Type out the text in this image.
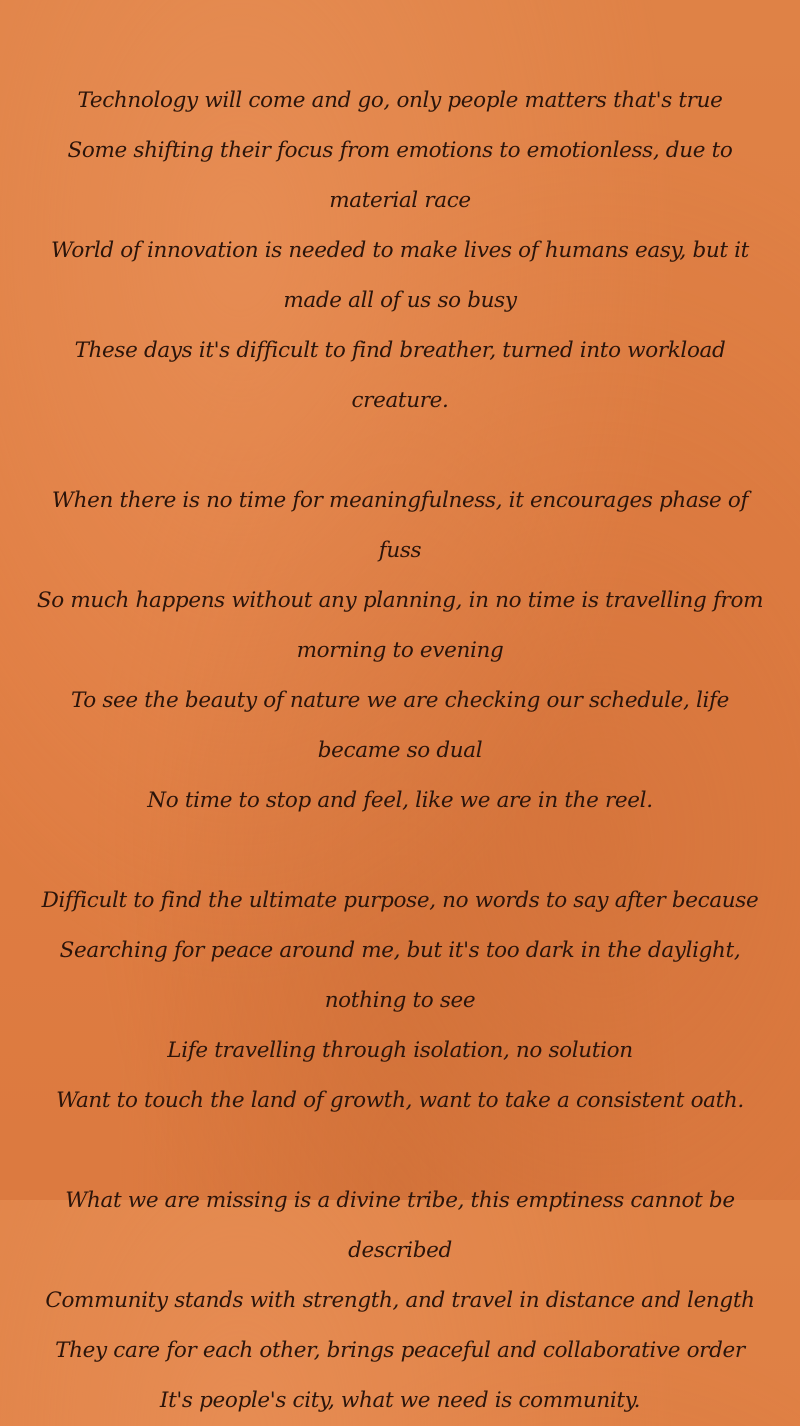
Technology will come and go, only people matters that's true
Some shifting their focus from emotions to emotionless, due to material race
World of innovation is needed to make lives of humans easy, but it made all of us so busy
These days it's difficult to find breather, turned into workload creature.
When there is no time for meaningfulness, it encourages phase of fuss
So much happens without any planning, in no time is travelling from morning to evening
To see the beauty of nature we are checking our schedule, life became so dual
No time to stop and feel, like we are in the reel.
Difficult to find the ultimate purpose, no words to say after because
Searching for peace around me, but it's too dark in the daylight, nothing to see
Life travelling through isolation, no solution
Want to touch the land of growth, want to take a consistent oath.
What we are missing is a divine tribe, this emptiness cannot be described
Community stands with strength, and travel in distance and length
They care for each other, brings peaceful and collaborative order
It's people's city, what we need is community.
